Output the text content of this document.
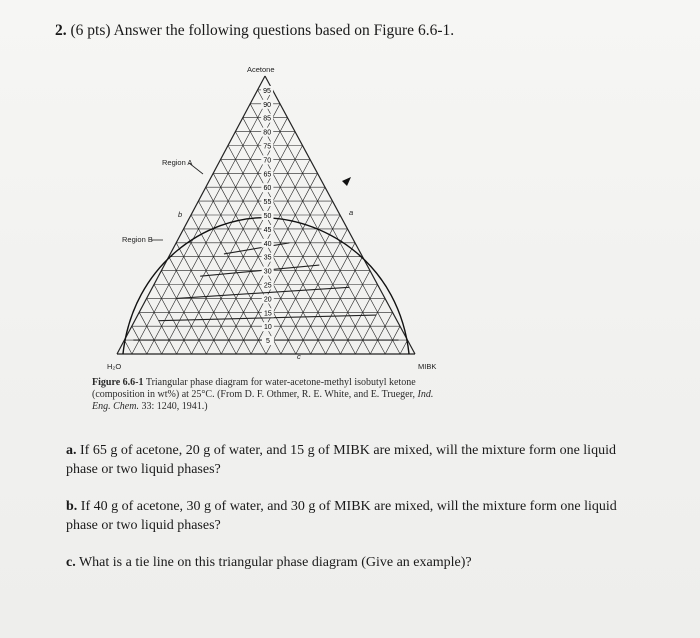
2. (6 pts) Answer the following questions based on Figure 6.6-1.
95
90
85
80
75
70
65
60
55
50
45
40
35
30
25
20
15
10
5
Acetone
H₂O	MIBK
Region A
Region B
b	a
c
Figure 6.6-1 Triangular phase diagram for water-acetone-methyl isobutyl ketone (composition in wt%) at 25°C. (From D. F. Othmer, R. E. White, and E. Trueger, Ind. Eng. Chem. 33: 1240, 1941.)
a. If 65 g of acetone, 20 g of water, and 15 g of MIBK are mixed, will the mixture form one liquid phase or two liquid phases?
b. If 40 g of acetone, 30 g of water, and 30 g of MIBK are mixed, will the mixture form one liquid phase or two liquid phases?
c. What is a tie line on this triangular phase diagram (Give an example)?
